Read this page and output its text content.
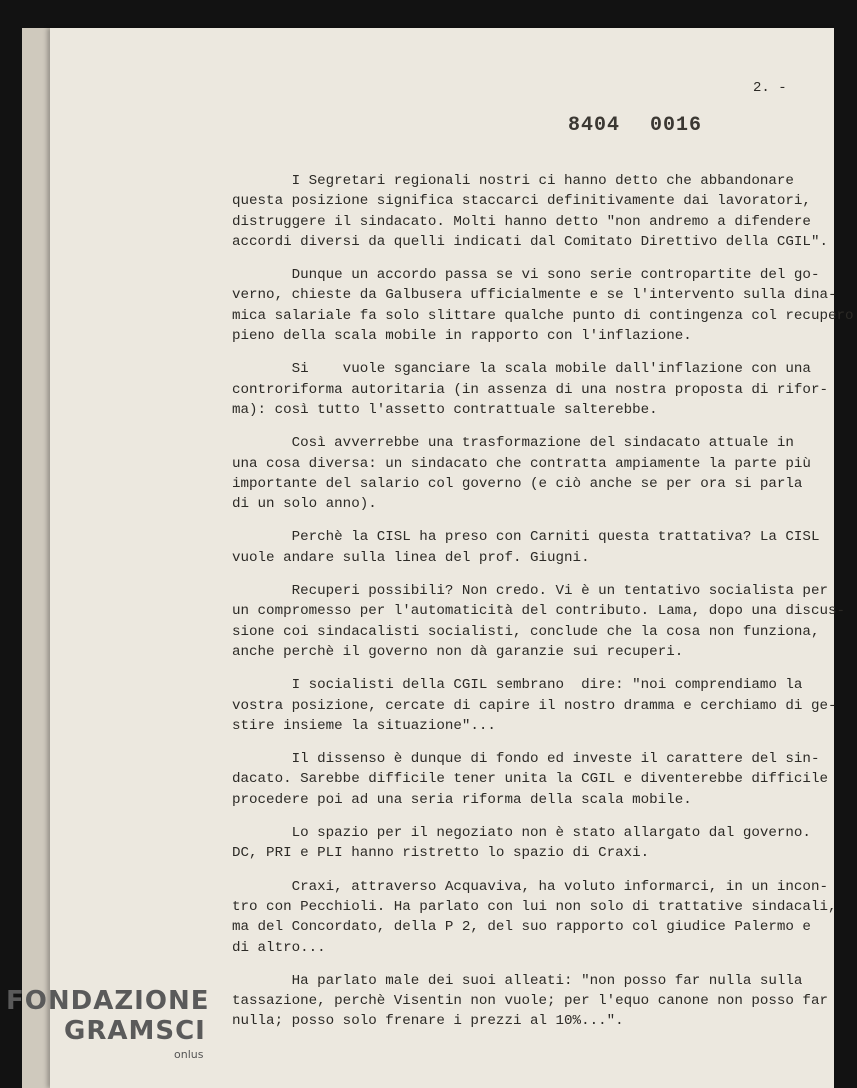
2. -
8404 0016

I Segretari regionali nostri ci hanno detto che abbandonare
questa posizione significa staccarci definitivamente dai lavoratori,
distruggere il sindacato. Molti hanno detto "non andremo a difendere
accordi diversi da quelli indicati dal Comitato Direttivo della CGIL".

Dunque un accordo passa se vi sono serie contropartite del go-
verno, chieste da Galbusera ufficialmente e se l'intervento sulla dina-
mica salariale fa solo slittare qualche punto di contingenza col recupero
pieno della scala mobile in rapporto con l'inflazione.

Si    vuole sganciare la scala mobile dall'inflazione con una
controriforma autoritaria (in assenza di una nostra proposta di rifor-
ma): così tutto l'assetto contrattuale salterebbe.

Così avverrebbe una trasformazione del sindacato attuale in
una cosa diversa: un sindacato che contratta ampiamente la parte più
importante del salario col governo (e ciò anche se per ora si parla
di un solo anno).

Perchè la CISL ha preso con Carniti questa trattativa? La CISL
vuole andare sulla linea del prof. Giugni.

Recuperi possibili? Non credo. Vi è un tentativo socialista per
un compromesso per l'automaticità del contributo. Lama, dopo una discus-
sione coi sindacalisti socialisti, conclude che la cosa non funziona,
anche perchè il governo non dà garanzie sui recuperi.

I socialisti della CGIL sembrano  dire: "noi comprendiamo la
vostra posizione, cercate di capire il nostro dramma e cerchiamo di ge-
stire insieme la situazione"...

Il dissenso è dunque di fondo ed investe il carattere del sin-
dacato. Sarebbe difficile tener unita la CGIL e diventerebbe difficile
procedere poi ad una seria riforma della scala mobile.

Lo spazio per il negoziato non è stato allargato dal governo.
DC, PRI e PLI hanno ristretto lo spazio di Craxi.

Craxi, attraverso Acquaviva, ha voluto informarci, in un incon-
tro con Pecchioli. Ha parlato con lui non solo di trattative sindacali,
ma del Concordato, della P 2, del suo rapporto col giudice Palermo e
di altro...

Ha parlato male dei suoi alleati: "non posso far nulla sulla
tassazione, perchè Visentin non vuole; per l'equo canone non posso far
nulla; posso solo frenare i prezzi al 10%...".

FONDAZIONE
GRAMSCI
onlus
